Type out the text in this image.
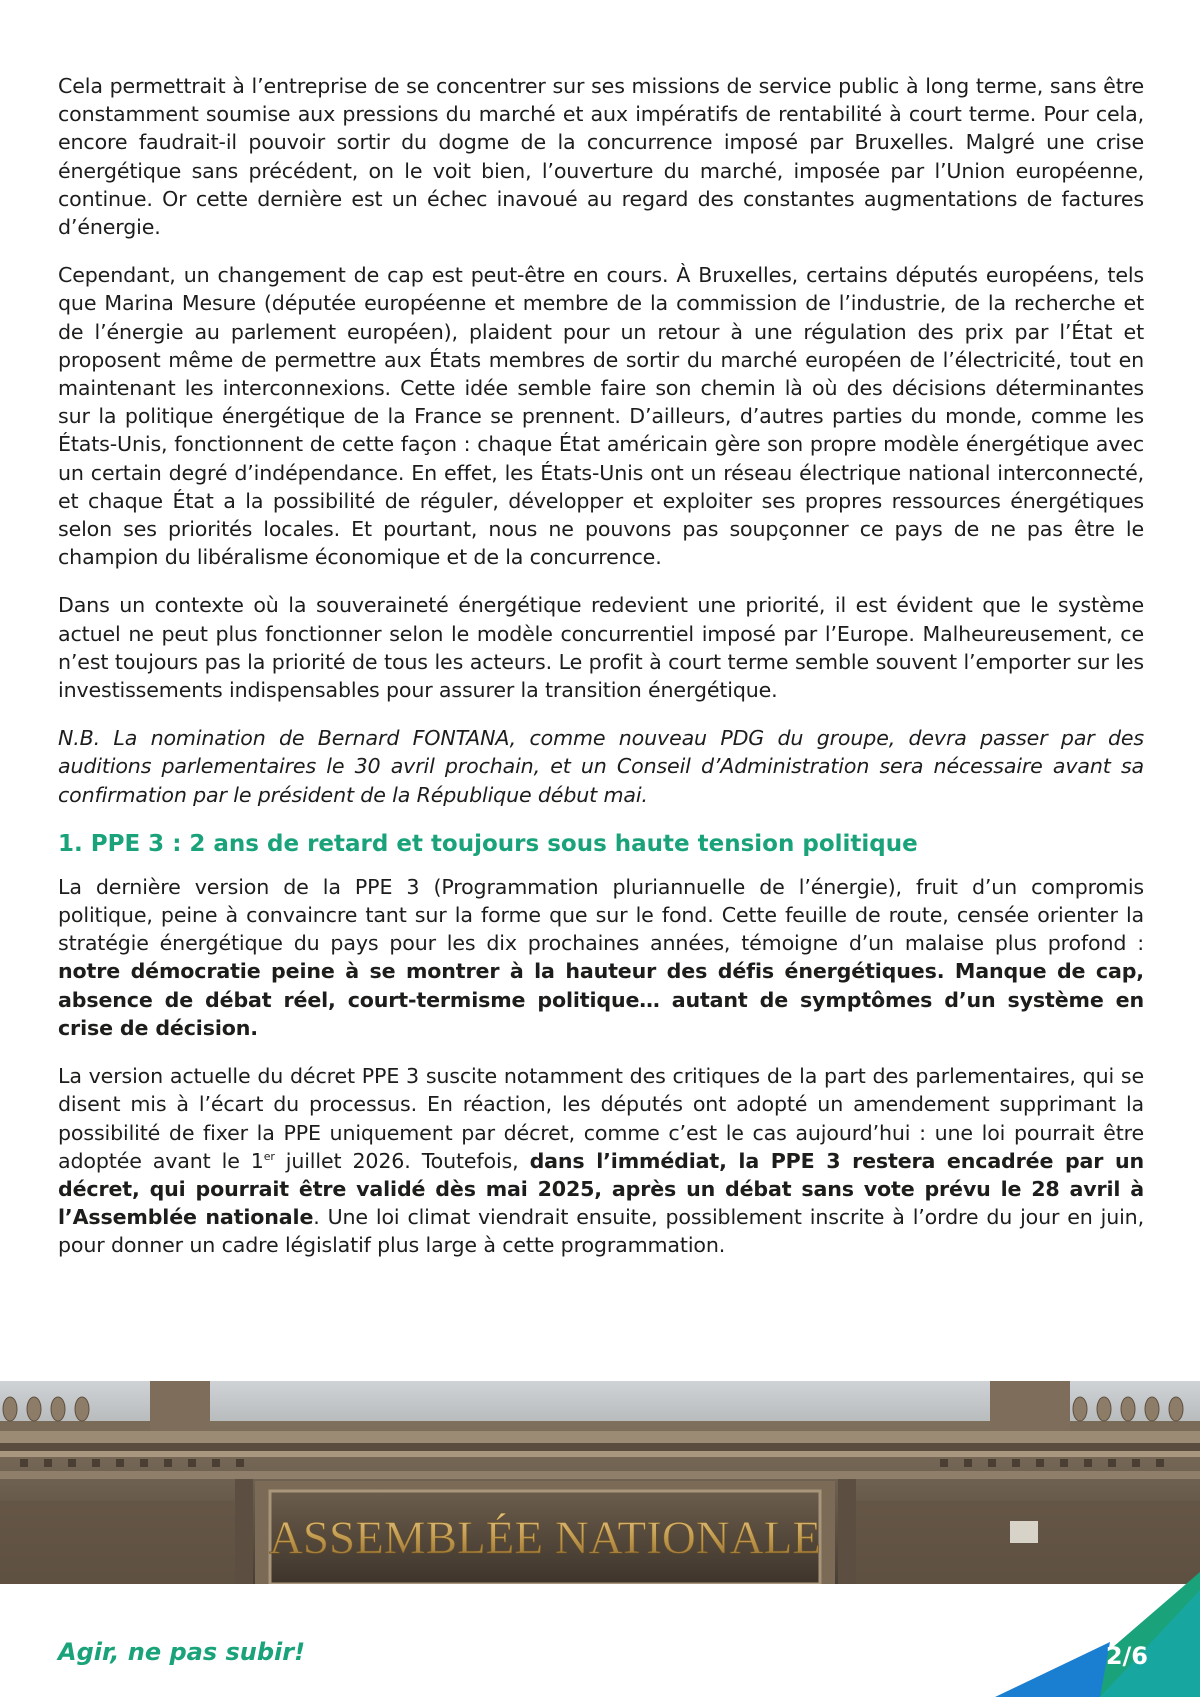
Cela permettrait à l’entreprise de se concentrer sur ses missions de service public à long terme, sans être constamment soumise aux pressions du marché et aux impératifs de rentabilité à court terme. Pour cela, encore faudrait-il pouvoir sortir du dogme de la concurrence imposé par Bruxelles. Malgré une crise énergétique sans précédent, on le voit bien, l’ouverture du marché, imposée par l’Union européenne, continue. Or cette dernière est un échec inavoué au regard des constantes augmentations de factures d’énergie.

Cependant, un changement de cap est peut-être en cours. À Bruxelles, certains députés européens, tels que Marina Mesure (députée européenne et membre de la commission de l’industrie, de la recherche et de l’énergie au parlement européen), plaident pour un retour à une régulation des prix par l’État et proposent même de permettre aux États membres de sortir du marché européen de l’électricité, tout en maintenant les interconnexions. Cette idée semble faire son chemin là où des décisions déterminantes sur la politique énergétique de la France se prennent. D’ailleurs, d’autres parties du monde, comme les États-Unis, fonctionnent de cette façon : chaque État américain gère son propre modèle énergétique avec un certain degré d’indépendance. En effet, les États-Unis ont un réseau électrique national interconnecté, et chaque État a la possibilité de réguler, développer et exploiter ses propres ressources énergétiques selon ses priorités locales. Et pourtant, nous ne pouvons pas soupçonner ce pays de ne pas être le champion du libéralisme économique et de la concurrence.

Dans un contexte où la souveraineté énergétique redevient une priorité, il est évident que le système actuel ne peut plus fonctionner selon le modèle concurrentiel imposé par l’Europe. Malheureusement, ce n’est toujours pas la priorité de tous les acteurs. Le profit à court terme semble souvent l’emporter sur les investissements indispensables pour assurer la transition énergétique.

N.B. La nomination de Bernard FONTANA, comme nouveau PDG du groupe, devra passer par des auditions parlementaires le 30 avril prochain, et un Conseil d’Administration sera nécessaire avant sa confirmation par le président de la République début mai.

1. PPE 3 : 2 ans de retard et toujours sous haute tension politique

La dernière version de la PPE 3 (Programmation pluriannuelle de l’énergie), fruit d’un compromis politique, peine à convaincre tant sur la forme que sur le fond. Cette feuille de route, censée orienter la stratégie énergétique du pays pour les dix prochaines années, témoigne d’un malaise plus profond : notre démocratie peine à se montrer à la hauteur des défis énergétiques. Manque de cap, absence de débat réel, court-termisme politique… autant de symptômes d’un système en crise de décision.

La version actuelle du décret PPE 3 suscite notamment des critiques de la part des parlementaires, qui se disent mis à l’écart du processus. En réaction, les députés ont adopté un amendement supprimant la possibilité de fixer la PPE uniquement par décret, comme c’est le cas aujourd’hui : une loi pourrait être adoptée avant le 1er juillet 2026. Toutefois, dans l’immédiat, la PPE 3 restera encadrée par un décret, qui pourrait être validé dès mai 2025, après un débat sans vote prévu le 28 avril à l’Assemblée nationale. Une loi climat viendrait ensuite, possiblement inscrite à l’ordre du jour en juin, pour donner un cadre législatif plus large à cette programmation.

ASSEMBLÉE NATIONALE
Agir, ne pas subir!	2/6
